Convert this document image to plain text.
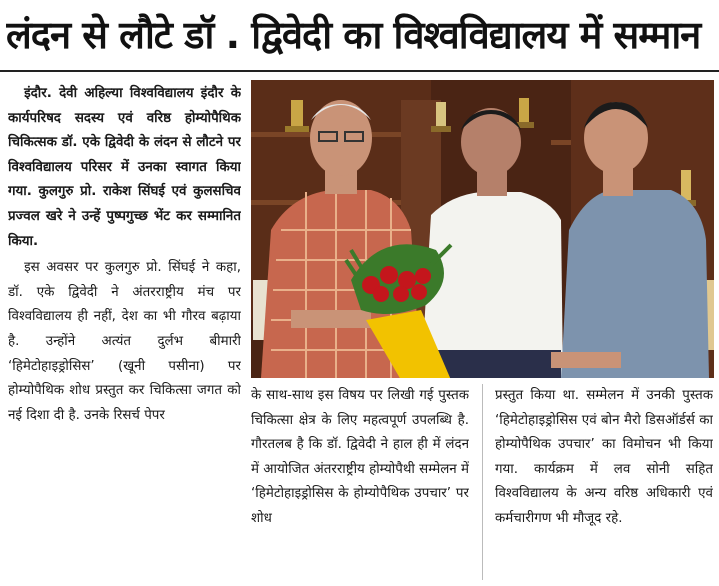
लंदन से लौटे डॉ . द्विवेदी का विश्वविद्यालय में सम्मान

इंदौर. देवी अहिल्या विश्वविद्यालय इंदौर के कार्यपरिषद सदस्य एवं वरिष्ठ होम्योपैथिक चिकित्सक डॉ. एके द्विवेदी के लंदन से लौटने पर विश्वविद्यालय परिसर में उनका स्वागत किया गया. कुलगुरु प्रो. राकेश सिंघई एवं कुलसचिव प्रज्वल खरे ने उन्हें पुष्पगुच्छ भेंट कर सम्मानित किया.

इस अवसर पर कुलगुरु प्रो. सिंघई ने कहा, डॉ. एके द्विवेदी ने अंतरराष्ट्रीय मंच पर विश्वविद्यालय ही नहीं, देश का भी गौरव बढ़ाया है. उन्होंने अत्यंत दुर्लभ बीमारी ‘हिमेटोहाइड्रोसिस’ (खूनी पसीना) पर होम्योपैथिक शोध प्रस्तुत कर चिकित्सा जगत को नई दिशा दी है. उनके रिसर्च पेपर

के साथ-साथ इस विषय पर लिखी गई पुस्तक चिकित्सा क्षेत्र के लिए महत्वपूर्ण उपलब्धि है. गौरतलब है कि डॉ. द्विवेदी ने हाल ही में लंदन में आयोजित अंतरराष्ट्रीय होम्योपैथी सम्मेलन में ‘हिमेटोहाइड्रोसिस के होम्योपैथिक उपचार’ पर शोध

प्रस्तुत किया था. सम्मेलन में उनकी पुस्तक ‘हिमेटोहाइड्रोसिस एवं बोन मैरो डिसऑर्डर्स का होम्योपैथिक उपचार’ का विमोचन भी किया गया. कार्यक्रम में लव सोनी सहित विश्वविद्यालय के अन्य वरिष्ठ अधिकारी एवं कर्मचारीगण भी मौजूद रहे.
